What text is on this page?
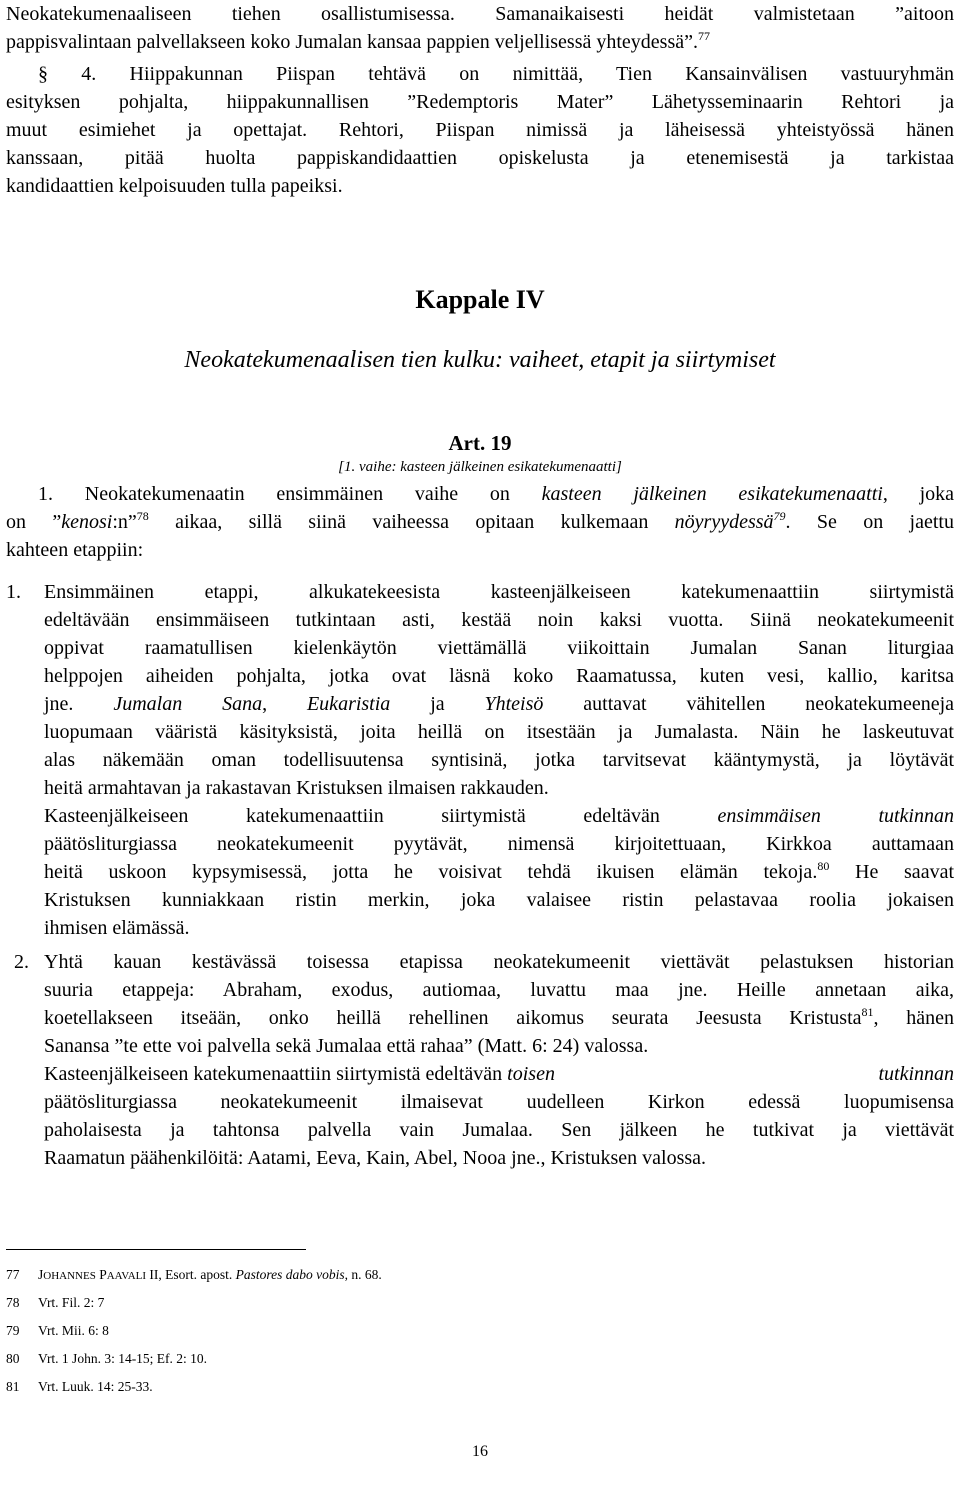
Neokatekumenaaliseen tiehen osallistumisessa. Samanaikaisesti heidät valmistetaan ”aitoon
pappisvalintaan palvellakseen koko Jumalan kansaa pappien veljellisessä yhteydessä”.$^{77}$
§ 4. Hiippakunnan Piispan tehtävä on nimittää, Tien Kansainvälisen vastuuryhmän
esityksen pohjalta, hiippakunnallisen ”Redemptoris Mater” Lähetysseminaarin Rehtori ja
muut esimiehet ja opettajat. Rehtori, Piispan nimissä ja läheisessä yhteistyössä hänen
kanssaan, pitää huolta pappiskandidaattien opiskelusta ja etenemisestä ja tarkistaa
kandidaattien kelpoisuuden tulla papeiksi.
Kappale IV
Neokatekumenaalisen tien kulku: vaiheet, etapit ja siirtymiset
Art. 19
[1. vaihe: kasteen jälkeinen esikatekumenaatti]
1. Neokatekumenaatin ensimmäinen vaihe on kasteen jälkeinen esikatekumenaatti, joka
on ”kenosi:n”$^{78}$ aikaa, sillä siinä vaiheessa opitaan kulkemaan nöyryydessä$^{79}$. Se on jaettu
kahteen etappiin:
1. Ensimmäinen etappi, alkukatekeesista kasteenjälkeiseen katekumenaattiin siirtymistä
edeltävään ensimmäiseen tutkintaan asti, kestää noin kaksi vuotta. Siinä neokatekumeenit
oppivat raamatullisen kielenkäytön viettämällä viikoittain Jumalan Sanan liturgiaa
helppojen aiheiden pohjalta, jotka ovat läsnä koko Raamatussa, kuten vesi, kallio, karitsa
jne. Jumalan Sana, Eukaristia ja Yhteisö auttavat vähitellen neokatekumeeneja
luopumaan vääristä käsityksistä, joita heillä on itsestään ja Jumalasta. Näin he laskeutuvat
alas näkemään oman todellisuutensa syntisinä, jotka tarvitsevat kääntymystä, ja löytävät
heitä armahtavan ja rakastavan Kristuksen ilmaisen rakkauden.
Kasteenjälkeiseen katekumenaattiin siirtymistä edeltävän ensimmäisen tutkinnan
päätösliturgiassa neokatekumeenit pyytävät, nimensä kirjoitettuaan, Kirkkoa auttamaan
heitä uskoon kypsymisessä, jotta he voisivat tehdä ikuisen elämän tekoja.$^{80}$ He saavat
Kristuksen kunniakkaan ristin merkin, joka valaisee ristin pelastavaa roolia jokaisen
ihmisen elämässä.
2. Yhtä kauan kestävässä toisessa etapissa neokatekumeenit viettävät pelastuksen historian
suuria etappeja: Abraham, exodus, autiomaa, luvattu maa jne. Heille annetaan aika,
koetellakseen itseään, onko heillä rehellinen aikomus seurata Jeesusta Kristusta$^{81}$, hänen
Sanansa ”te ette voi palvella sekä Jumalaa että rahaa” (Matt. 6: 24) valossa.
Kasteenjälkeiseen katekumenaattiin siirtymistä edeltävän toisen	tutkinnan
päätösliturgiassa neokatekumeenit ilmaisevat uudelleen Kirkon edessä luopumisensa
paholaisesta ja tahtonsa palvella vain Jumalaa. Sen jälkeen he tutkivat ja viettävät
Raamatun päähenkilöitä: Aatami, Eeva, Kain, Abel, Nooa jne., Kristuksen valossa.
77 JOHANNES PAAVALI II, Esort. apost. Pastores dabo vobis, n. 68.
78 Vrt. Fil. 2: 7
79 Vrt. Mii. 6: 8
80 Vrt. 1 John. 3: 14-15; Ef. 2: 10.
81 Vrt. Luuk. 14: 25-33.
16
